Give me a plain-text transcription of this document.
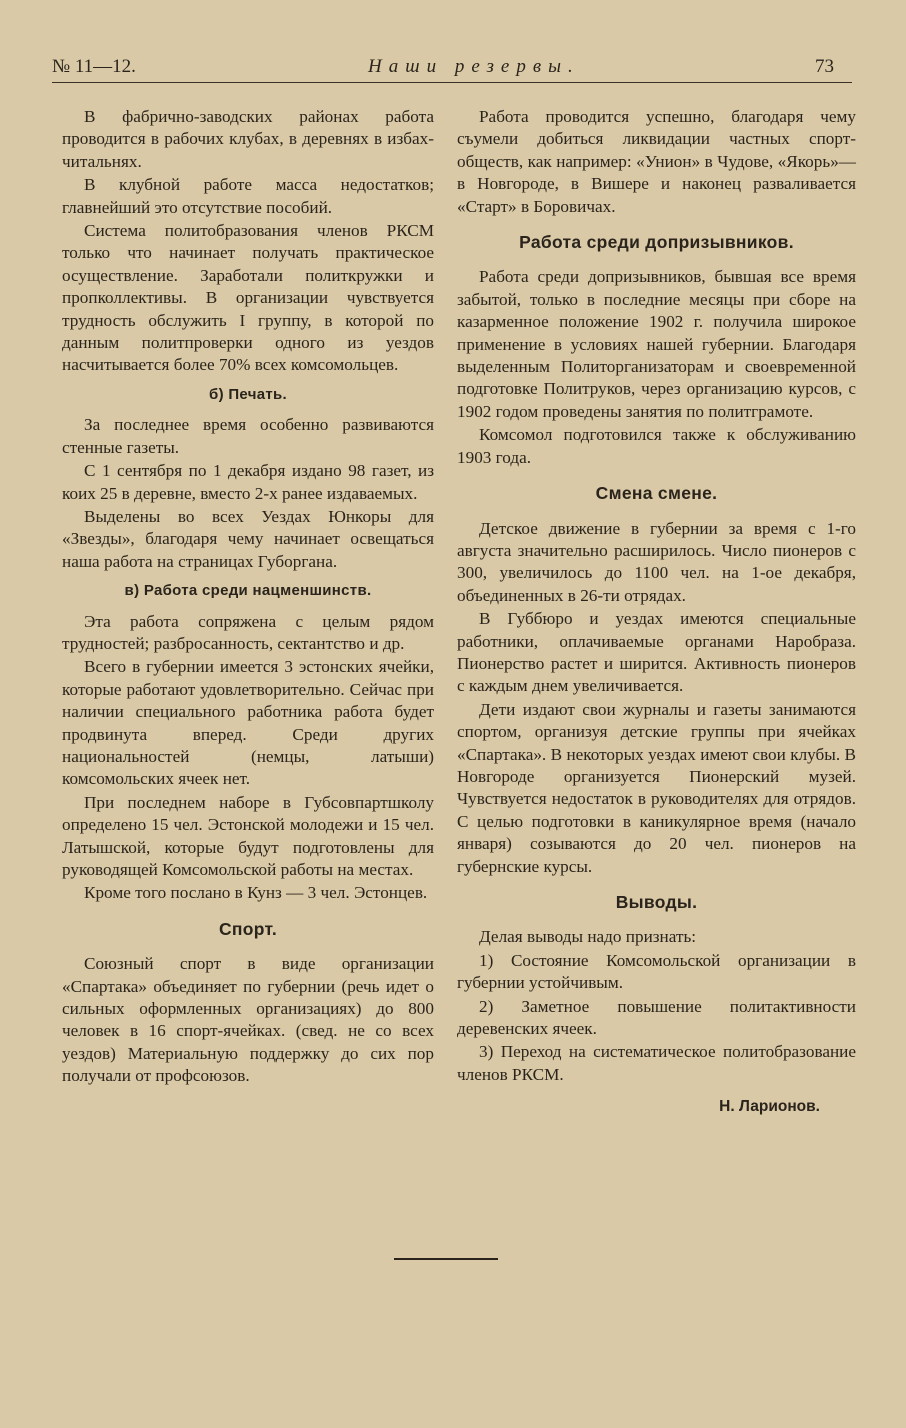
№ 11—12.	Наши резервы.	73

В фабрично-заводских районах работа проводится в рабочих клубах, в деревнях в избах-читальнях.

В клубной работе масса недостатков; главнейший это отсутствие пособий.

Система политобразования членов РКСМ только что начинает получать практическое осуществление. Заработали политкружки и пропколлективы. В организации чувствуется трудность обслужить I группу, в которой по данным политпроверки одного из уездов насчитывается более 70% всех комсомольцев.

б) Печать.

За последнее время особенно развиваются стенные газеты.

С 1 сентября по 1 декабря издано 98 газет, из коих 25 в деревне, вместо 2-х ранее издаваемых.

Выделены во всех Уездах Юнкоры для «Звезды», благодаря чему начинает освещаться наша работа на страницах Губоргана.

в) Работа среди нацменшинств.

Эта работа сопряжена с целым рядом трудностей; разбросанность, сектантство и др.

Всего в губернии имеется 3 эстонских ячейки, которые работают удовлетворительно. Сейчас при наличии специального работника работа будет продвинута вперед. Среди других национальностей (немцы, латыши) комсомольских ячеек нет.

При последнем наборе в Губсовпартшколу определено 15 чел. Эстонской молодежи и 15 чел. Латышской, которые будут подготовлены для руководящей Комсомольской работы на местах.

Кроме того послано в Кунз — 3 чел. Эстонцев.

Спорт.

Союзный спорт в виде организации «Спартака» объединяет по губернии (речь идет о сильных оформленных организациях) до 800 человек в 16 спорт-ячейках. (свед. не со всех уездов) Материальную поддержку до сих пор получали от профсоюзов.

Работа проводится успешно, благодаря чему съумели добиться ликвидации частных спорт-обществ, как например: «Унион» в Чудове, «Якорь»—в Новгороде, в Вишере и наконец разваливается «Старт» в Боровичах.

Работа среди допризывников.

Работа среди допризывников, бывшая все время забытой, только в последние месяцы при сборе на казарменное положение 1902 г. получила широкое применение в условиях нашей губернии. Благодаря выделенным Политорганизаторам и своевременной подготовке Политруков, через организацию курсов, с 1902 годом проведены занятия по политграмоте.

Комсомол подготовился также к обслуживанию 1903 года.

Смена смене.

Детское движение в губернии за время с 1-го августа значительно расширилось. Число пионеров с 300, увеличилось до 1100 чел. на 1-ое декабря, объединенных в 26-ти отрядах.

В Губбюро и уездах имеются специальные работники, оплачиваемые органами Наробраза. Пионерство растет и ширится. Активность пионеров с каждым днем увеличивается.

Дети издают свои журналы и газеты занимаются спортом, организуя детские группы при ячейках «Спартака». В некоторых уездах имеют свои клубы. В Новгороде организуется Пионерский музей. Чувствуется недостаток в руководителях для отрядов. С целью подготовки в каникулярное время (начало января) созываются до 20 чел. пионеров на губернские курсы.

Выводы.

Делая выводы надо признать:

1) Состояние Комсомольской организации в губернии устойчивым.

2) Заметное повышение политактивности деревенских ячеек.

3) Переход на систематическое политобразование членов РКСМ.

Н. Ларионов.
